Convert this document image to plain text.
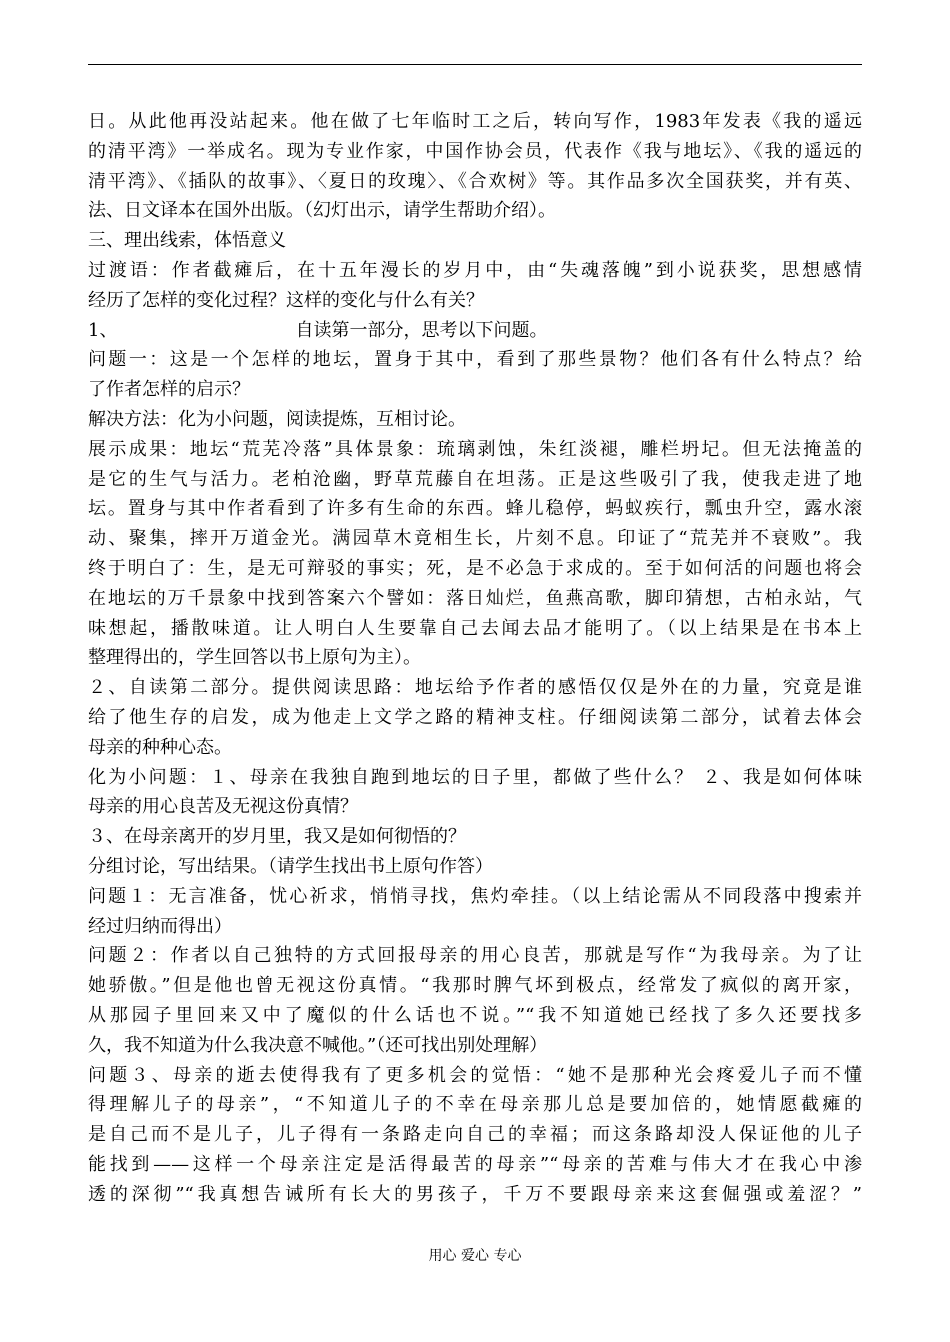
日。从此他再没站起来。他在做了七年临时工之后，转向写作，1983年发表《我的遥远
的清平湾》一举成名。现为专业作家，中国作协会员，代表作《我与地坛》、《我的遥远的
清平湾》、《插队的故事》、〈夏日的玫瑰〉、《合欢树》等。其作品多次全国获奖，并有英、
法、日文译本在国外出版。（幻灯出示，请学生帮助介绍）。
三、理出线索，体悟意义
过渡语：作者截瘫后，在十五年漫长的岁月中，由“失魂落魄”到小说获奖，思想感情
经历了怎样的变化过程？这样的变化与什么有关？
1、	自读第一部分，思考以下问题。
问题一：这是一个怎样的地坛，置身于其中，看到了那些景物？他们各有什么特点？给
了作者怎样的启示？
解决方法：化为小问题，阅读提炼，互相讨论。
展示成果：地坛“荒芜冷落”具体景象：琉璃剥蚀，朱红淡褪，雕栏坍圮。但无法掩盖的
是它的生气与活力。老柏沧幽，野草荒藤自在坦荡。正是这些吸引了我，使我走进了地
坛。置身与其中作者看到了许多有生命的东西。蜂儿稳停，蚂蚁疾行，瓢虫升空，露水滚
动、聚集，摔开万道金光。满园草木竟相生长，片刻不息。印证了“荒芜并不衰败”。我
终于明白了：生，是无可辩驳的事实；死，是不必急于求成的。至于如何活的问题也将会
在地坛的万千景象中找到答案六个譬如：落日灿烂，鱼燕高歌，脚印猜想，古柏永站，气
味想起，播散味道。让人明白人生要靠自己去闻去品才能明了。（以上结果是在书本上
整理得出的，学生回答以书上原句为主）。
２、自读第二部分。提供阅读思路：地坛给予作者的感悟仅仅是外在的力量，究竟是谁
给了他生存的启发，成为他走上文学之路的精神支柱。仔细阅读第二部分，试着去体会
母亲的种种心态。
化为小问题：１、母亲在我独自跑到地坛的日子里，都做了些什么？ ２、我是如何体味
母亲的用心良苦及无视这份真情？
３、在母亲离开的岁月里，我又是如何彻悟的？
分组讨论，写出结果。（请学生找出书上原句作答）
问题１：无言准备，忧心祈求，悄悄寻找，焦灼牵挂。（以上结论需从不同段落中搜索并
经过归纳而得出）
问题２：作者以自己独特的方式回报母亲的用心良苦，那就是写作“为我母亲。为了让
她骄傲。”但是他也曾无视这份真情。“我那时脾气坏到极点，经常发了疯似的离开家，
从那园子里回来又中了魔似的什么话也不说。”“我不知道她已经找了多久还要找多
久，我不知道为什么我决意不喊他。”（还可找出别处理解）
问题３、母亲的逝去使得我有了更多机会的觉悟：“她不是那种光会疼爱儿子而不懂
得理解儿子的母亲”，“不知道儿子的不幸在母亲那儿总是要加倍的，她情愿截瘫的
是自己而不是儿子，儿子得有一条路走向自己的幸福；而这条路却没人保证他的儿子
能找到——这样一个母亲注定是活得最苦的母亲”“母亲的苦难与伟大才在我心中渗
透的深彻”“我真想告诫所有长大的男孩子，千万不要跟母亲来这套倔强或羞涩？”
用心 爱心 专心
